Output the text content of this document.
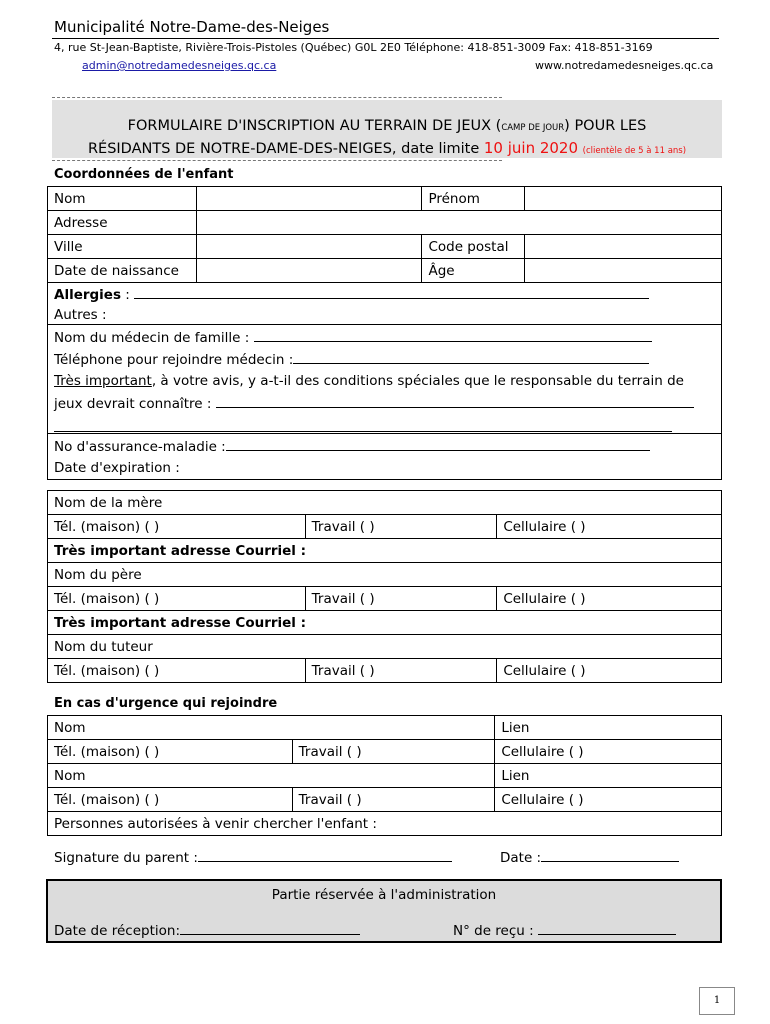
Municipalité Notre-Dame-des-Neiges
4, rue St-Jean-Baptiste, Rivière-Trois-Pistoles (Québec) G0L 2E0 Téléphone: 418-851-3009 Fax: 418-851-3169
admin@notredamedesneiges.qc.ca	www.notredamedesneiges.qc.ca
FORMULAIRE D'INSCRIPTION AU TERRAIN DE JEUX (CAMP DE JOUR) POUR LES
RÉSIDANTS DE NOTRE-DAME-DES-NEIGES, date limite 10 juin 2020 (clientèle de 5 à 11 ans)
Coordonnées de l'enfant
Nom		Prénom	
Adresse			
Ville		Code postal	
Date de naissance		Âge	
Allergies :
Autres :
Nom du médecin de famille :
Téléphone pour rejoindre médecin :
Très important, à votre avis, y a-t-il des conditions spéciales que le responsable du terrain de
jeux devrait connaître :
No d'assurance-maladie :
Date d'expiration :
Nom de la mère		
Tél. (maison) ( )	Travail ( )	Cellulaire ( )
Très important adresse Courriel :		
Nom du père		
Tél. (maison) ( )	Travail ( )	Cellulaire ( )
Très important adresse Courriel :		
Nom du tuteur		
Tél. (maison) ( )	Travail ( )	Cellulaire ( )
En cas d'urgence qui rejoindre
Nom		Lien
Tél. (maison) ( )	Travail ( )	Cellulaire ( )
Nom		Lien
Tél. (maison) ( )	Travail ( )	Cellulaire ( )
Personnes autorisées à venir chercher l'enfant :		
Signature du parent :	Date :
Partie réservée à l'administration
Date de réception:	N° de reçu :
1
